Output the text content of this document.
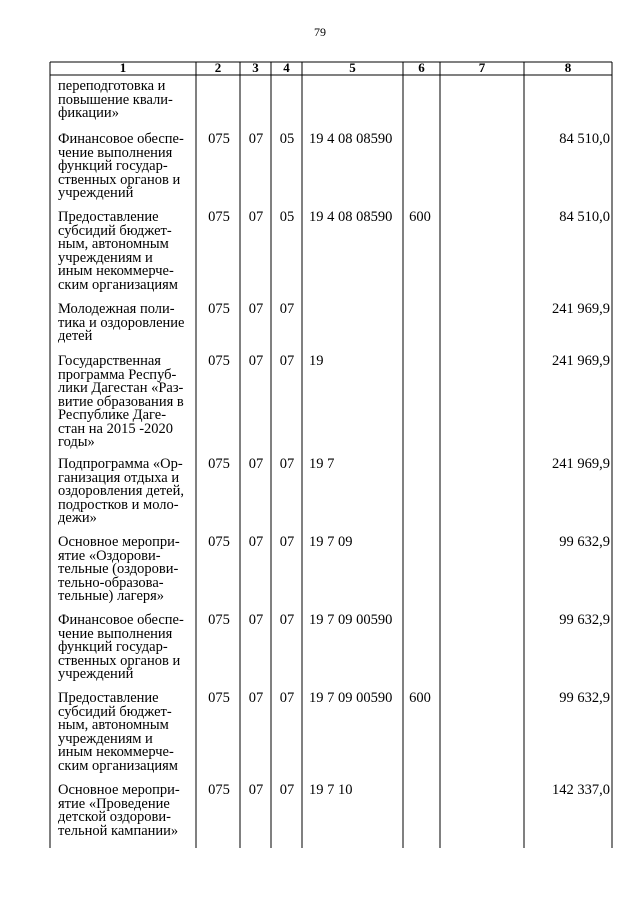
79
1	2	3	4	5	6	7	8
переподготовка и
повышение квали-
фикации»
Финансовое обеспе-
чение выполнения
функций государ-
ственных органов и
учреждений
075	07	05	19 4 08 08590	84 510,0
Предоставление
субсидий бюджет-
ным, автономным
учреждениям и
иным некоммерче-
ским организациям
075	07	05	19 4 08 08590	600	84 510,0
Молодежная поли-
тика и оздоровление
детей
075	07	07	241 969,9
Государственная
программа Респуб-
лики Дагестан «Раз-
витие образования в
Республике Даге-
стан на 2015 -2020
годы»
075	07	07	19	241 969,9
Подпрограмма «Ор-
ганизация отдыха и
оздоровления детей,
подростков и моло-
дежи»
075	07	07	19 7	241 969,9
Основное меропри-
ятие «Оздорови-
тельные (оздорови-
тельно-образова-
тельные) лагеря»
075	07	07	19 7 09	99 632,9
Финансовое обеспе-
чение выполнения
функций государ-
ственных органов и
учреждений
075	07	07	19 7 09 00590	99 632,9
Предоставление
субсидий бюджет-
ным, автономным
учреждениям и
иным некоммерче-
ским организациям
075	07	07	19 7 09 00590	600	99 632,9
Основное меропри-
ятие «Проведение
детской оздорови-
тельной кампании»
075	07	07	19 7 10	142 337,0
